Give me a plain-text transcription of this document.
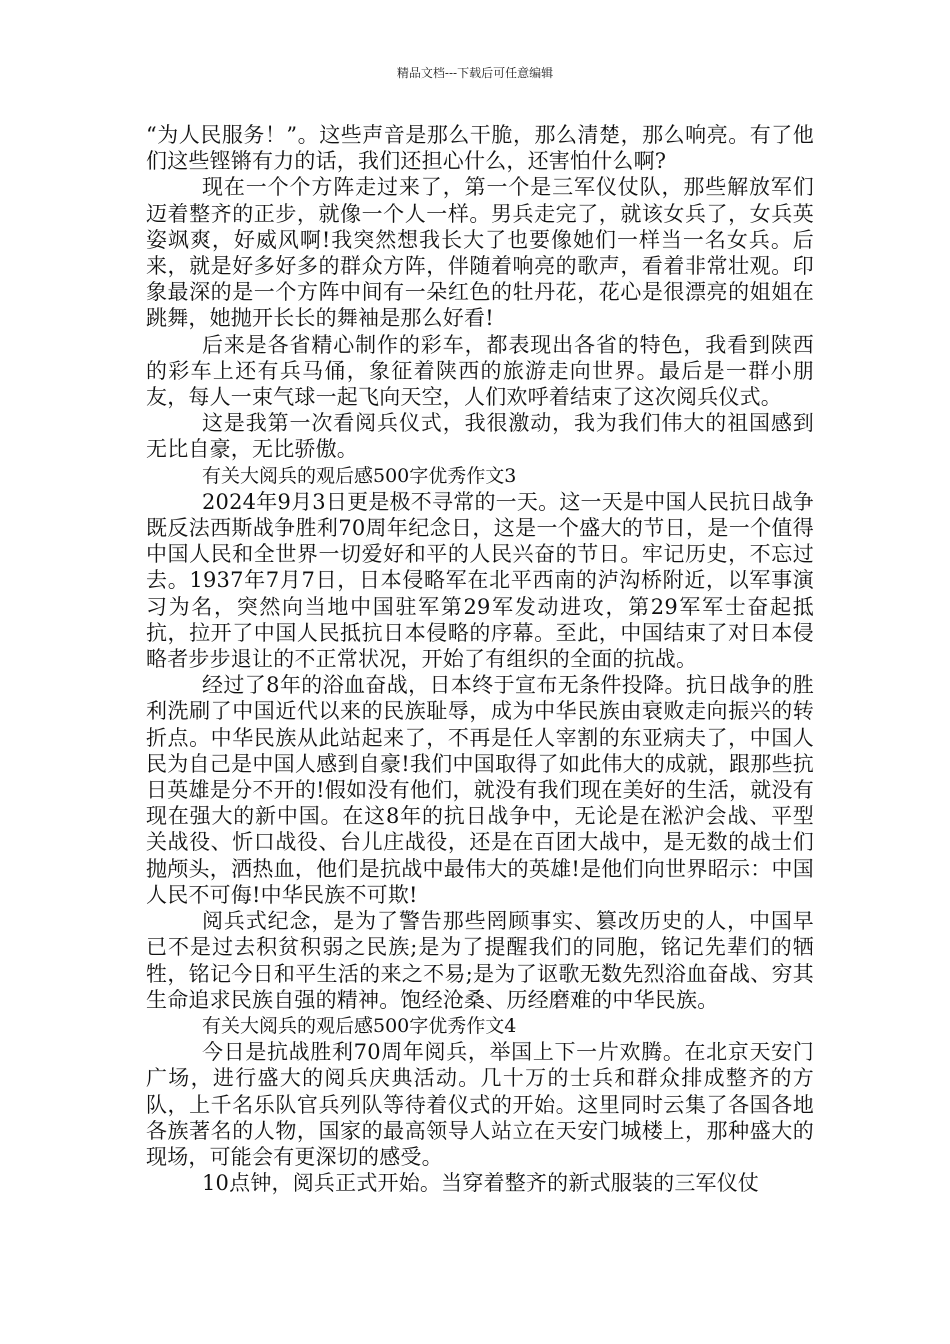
精品文档---下载后可任意编辑

“为人民服务！”。这些声音是那么干脆，那么清楚，那么响亮。有了他们这些铿锵有力的话，我们还担心什么，还害怕什么啊?

现在一个个方阵走过来了，第一个是三军仪仗队，那些解放军们迈着整齐的正步，就像一个人一样。男兵走完了，就该女兵了，女兵英姿飒爽，好威风啊!我突然想我长大了也要像她们一样当一名女兵。后来，就是好多好多的群众方阵，伴随着响亮的歌声，看着非常壮观。印象最深的是一个方阵中间有一朵红色的牡丹花，花心是很漂亮的姐姐在跳舞，她抛开长长的舞袖是那么好看!

后来是各省精心制作的彩车，都表现出各省的特色，我看到陕西的彩车上还有兵马俑，象征着陕西的旅游走向世界。最后是一群小朋友，每人一束气球一起飞向天空，人们欢呼着结束了这次阅兵仪式。

这是我第一次看阅兵仪式，我很激动，我为我们伟大的祖国感到无比自豪，无比骄傲。

有关大阅兵的观后感500字优秀作文3

2024年9月3日更是极不寻常的一天。这一天是中国人民抗日战争既反法西斯战争胜利70周年纪念日，这是一个盛大的节日，是一个值得中国人民和全世界一切爱好和平的人民兴奋的节日。牢记历史，不忘过去。1937年7月7日，日本侵略军在北平西南的泸沟桥附近，以军事演习为名，突然向当地中国驻军第29军发动进攻，第29军军士奋起抵抗，拉开了中国人民抵抗日本侵略的序幕。至此，中国结束了对日本侵略者步步退让的不正常状况，开始了有组织的全面的抗战。

经过了8年的浴血奋战，日本终于宣布无条件投降。抗日战争的胜利洗刷了中国近代以来的民族耻辱，成为中华民族由衰败走向振兴的转折点。中华民族从此站起来了，不再是任人宰割的东亚病夫了，中国人民为自己是中国人感到自豪!我们中国取得了如此伟大的成就，跟那些抗日英雄是分不开的!假如没有他们，就没有我们现在美好的生活，就没有现在强大的新中国。在这8年的抗日战争中，无论是在淞沪会战、平型关战役、忻口战役、台儿庄战役，还是在百团大战中，是无数的战士们抛颅头，洒热血，他们是抗战中最伟大的英雄!是他们向世界昭示：中国人民不可侮!中华民族不可欺!

阅兵式纪念，是为了警告那些罔顾事实、篡改历史的人，中国早已不是过去积贫积弱之民族;是为了提醒我们的同胞，铭记先辈们的牺牲，铭记今日和平生活的来之不易;是为了讴歌无数先烈浴血奋战、穷其生命追求民族自强的精神。饱经沧桑、历经磨难的中华民族。

有关大阅兵的观后感500字优秀作文4

今日是抗战胜利70周年阅兵，举国上下一片欢腾。在北京天安门广场，进行盛大的阅兵庆典活动。几十万的士兵和群众排成整齐的方队，上千名乐队官兵列队等待着仪式的开始。这里同时云集了各国各地各族著名的人物，国家的最高领导人站立在天安门城楼上，那种盛大的现场，可能会有更深切的感受。

10点钟，阅兵正式开始。当穿着整齐的新式服装的三军仪仗
